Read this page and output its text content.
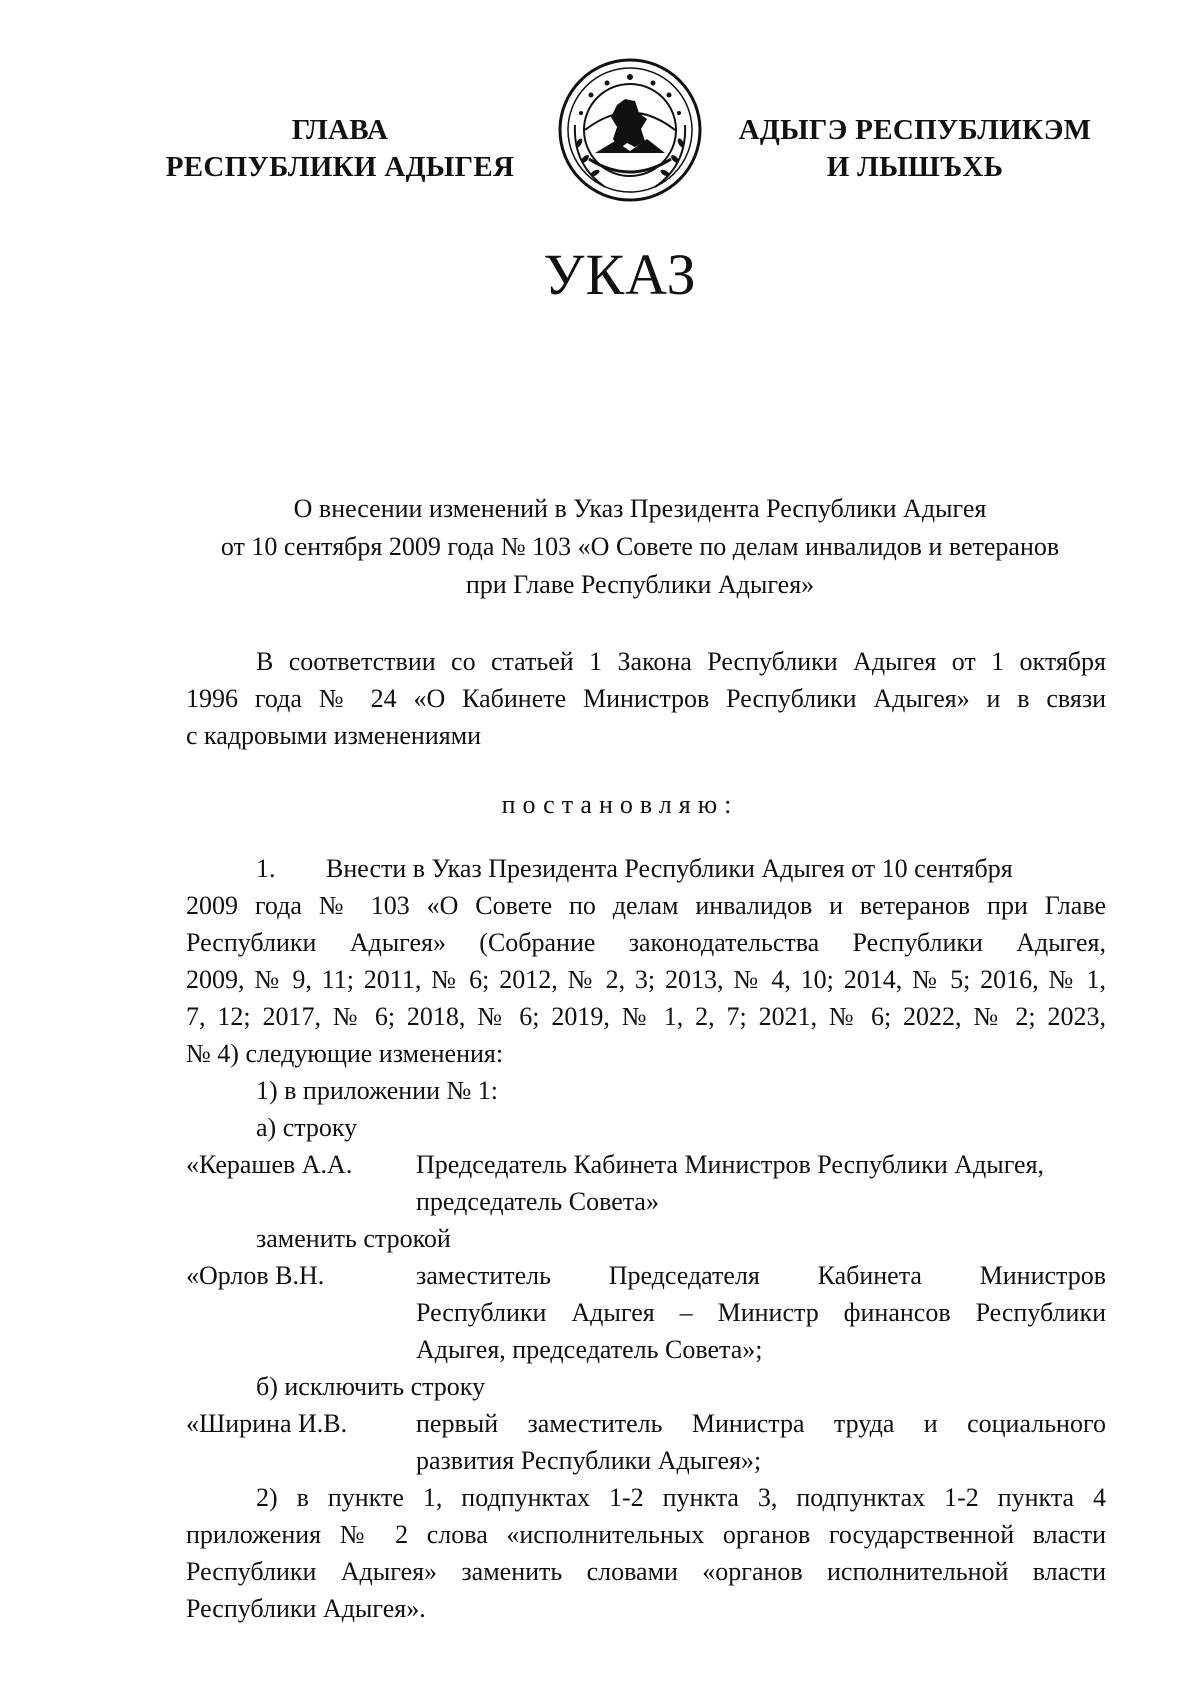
ГЛАВА
РЕСПУБЛИКИ АДЫГЕЯ
АДЫГЭ РЕСПУБЛИКЭМ
И ЛЫШЪХЬ
УКАЗ
О внесении изменений в Указ Президента Республики Адыгея
от 10 сентября 2009 года № 103 «О Совете по делам инвалидов и ветеранов
при Главе Республики Адыгея»
В соответствии со статьей 1 Закона Республики Адыгея от 1 октября
1996 года № 24 «О Кабинете Министров Республики Адыгея» и в связи
с кадровыми изменениями
постановляю:
1. Внести в Указ Президента Республики Адыгея от 10 сентября
2009 года № 103 «О Совете по делам инвалидов и ветеранов при Главе
Республики Адыгея» (Собрание законодательства Республики Адыгея,
2009, № 9, 11; 2011, № 6; 2012, № 2, 3; 2013, № 4, 10; 2014, № 5; 2016, № 1,
7, 12; 2017, № 6; 2018, № 6; 2019, № 1, 2, 7; 2021, № 6; 2022, № 2; 2023,
№ 4) следующие изменения:
1) в приложении № 1:
а) строку
«Керашев А.А.	Председатель Кабинета Министров Республики Адыгея,
председатель Совета»
заменить строкой
«Орлов В.Н.	заместитель Председателя Кабинета Министров
Республики Адыгея – Министр финансов Республики
Адыгея, председатель Совета»;
б) исключить строку
«Ширина И.В.	первый заместитель Министра труда и социального
развития Республики Адыгея»;
2) в пункте 1, подпунктах 1-2 пункта 3, подпунктах 1-2 пункта 4
приложения № 2 слова «исполнительных органов государственной власти
Республики Адыгея» заменить словами «органов исполнительной власти
Республики Адыгея».
